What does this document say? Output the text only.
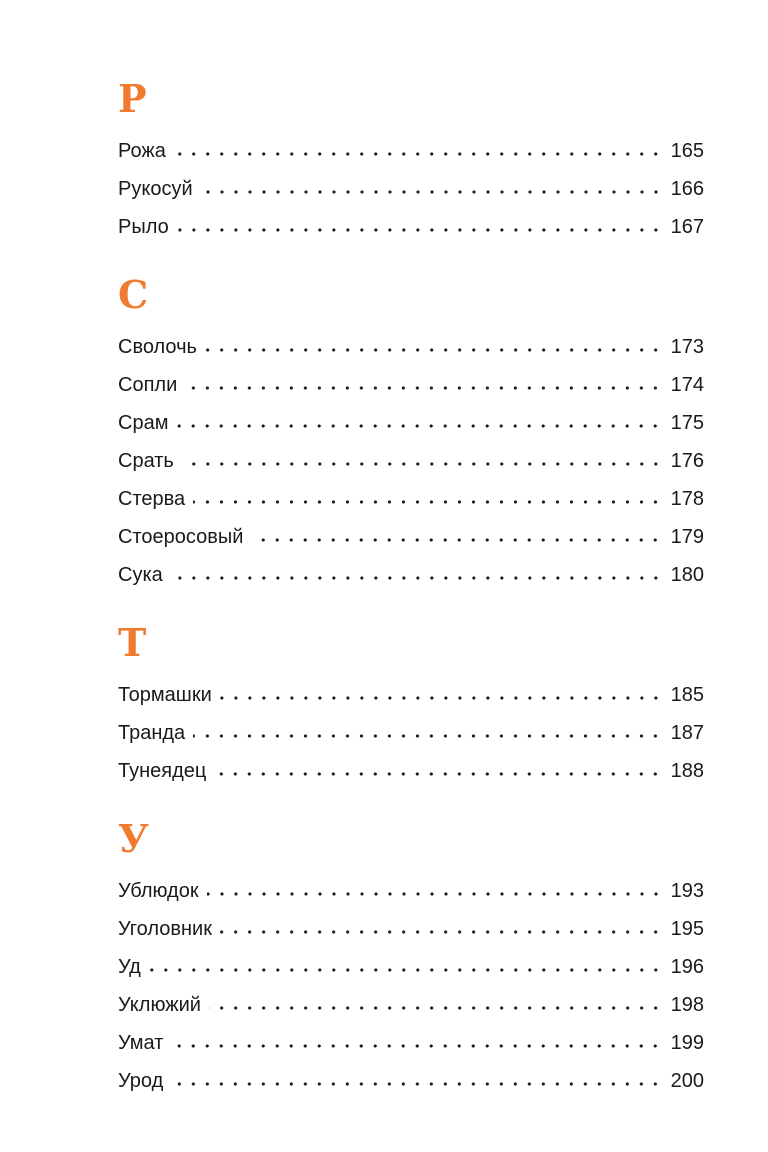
Р
Рожа	165
Рукосуй	166
Рыло	167
С
Сволочь	173
Сопли	174
Срам	175
Срать	176
Стерва	178
Стоеросовый	179
Сука	180
Т
Тормашки	185
Транда	187
Тунеядец	188
У
Ублюдок	193
Уголовник	195
Уд	196
Уклюжий	198
Умат	199
Урод	200
